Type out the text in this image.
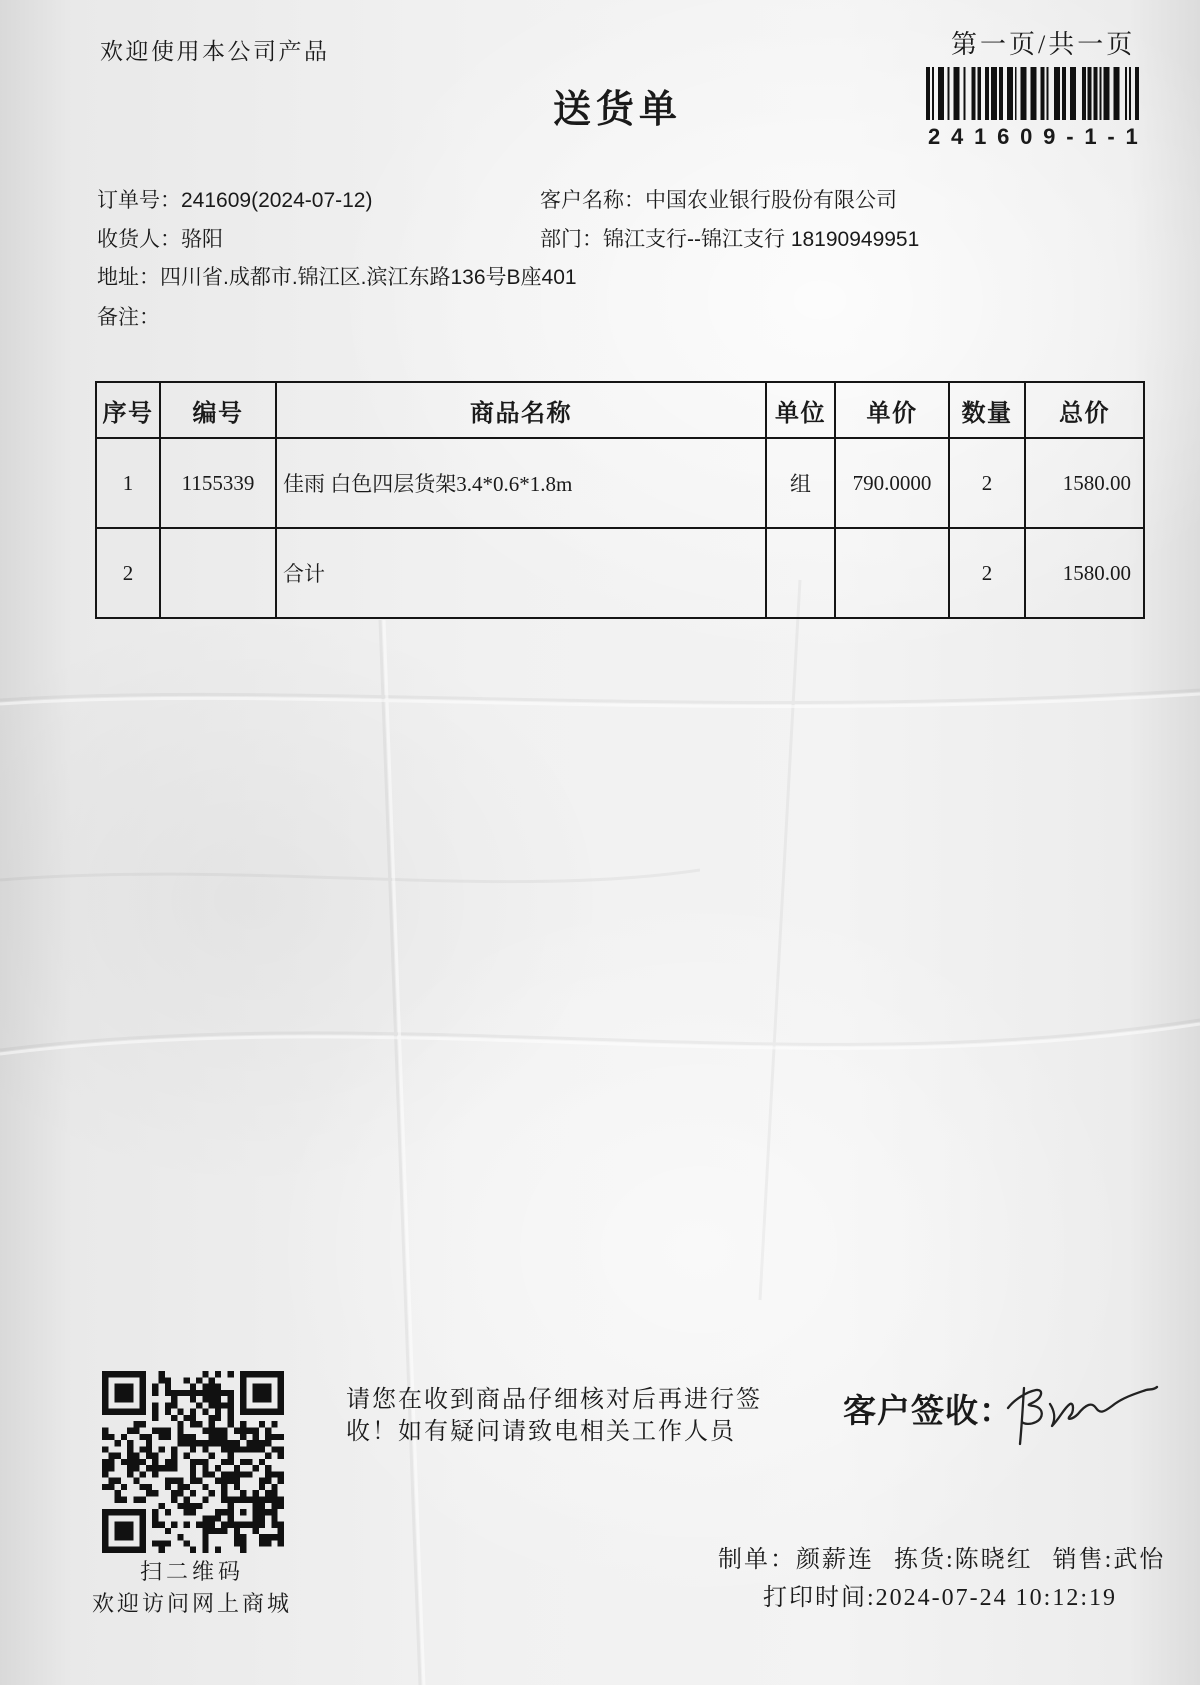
欢迎使用本公司产品	第一页/共一页
送货单
241609-1-1
订单号：241609(2024-07-12)	客户名称：中国农业银行股份有限公司
收货人：骆阳	部门：锦江支行--锦江支行 18190949951
地址：四川省.成都市.锦江区.滨江东路136号B座401
备注：
序号	编号	商品名称	单位	单价	数量	总价
1	1155339	佳雨 白色四层货架3.4*0.6*1.8m	组	790.0000	2	1580.00
2		合计			2	1580.00
扫二维码
欢迎访问网上商城
请您在收到商品仔细核对后再进行签收！如有疑问请致电相关工作人员
客户签收：
制单：颜薪连 拣货:陈晓红 销售:武怡
打印时间:2024-07-24 10:12:19
